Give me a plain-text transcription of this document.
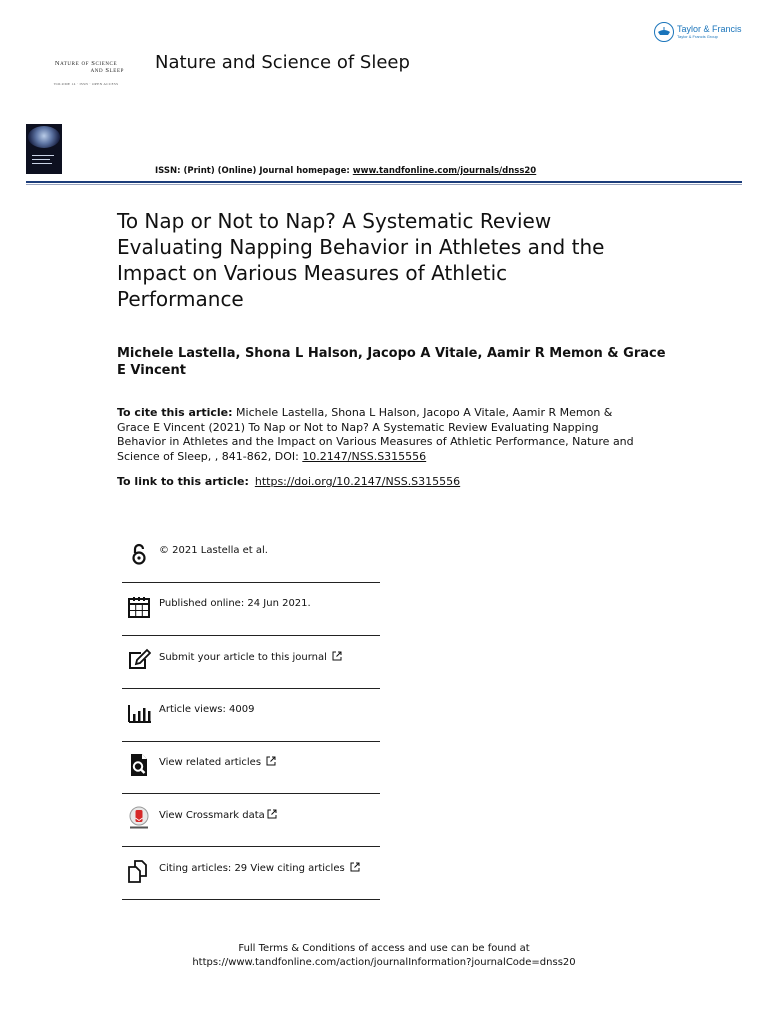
Taylor & Francis
Taylor & Francis Group
Nature of Science
and Sleep
VOLUME 14 · ISSN · OPEN ACCESS
Nature and Science of Sleep
ISSN: (Print) (Online) Journal homepage: www.tandfonline.com/journals/dnss20
To Nap or Not to Nap? A Systematic Review Evaluating Napping Behavior in Athletes and the Impact on Various Measures of Athletic Performance
Michele Lastella, Shona L Halson, Jacopo A Vitale, Aamir R Memon & Grace E Vincent
To cite this article: Michele Lastella, Shona L Halson, Jacopo A Vitale, Aamir R Memon & Grace E Vincent (2021) To Nap or Not to Nap? A Systematic Review Evaluating Napping Behavior in Athletes and the Impact on Various Measures of Athletic Performance, Nature and Science of Sleep, , 841-862, DOI: 10.2147/NSS.S315556
To link to this article: https://doi.org/10.2147/NSS.S315556
© 2021 Lastella et al.
Published online: 24 Jun 2021.
Submit your article to this journal
Article views: 4009
View related articles
View Crossmark data
Citing articles: 29 View citing articles
Full Terms & Conditions of access and use can be found at
https://www.tandfonline.com/action/journalInformation?journalCode=dnss20
